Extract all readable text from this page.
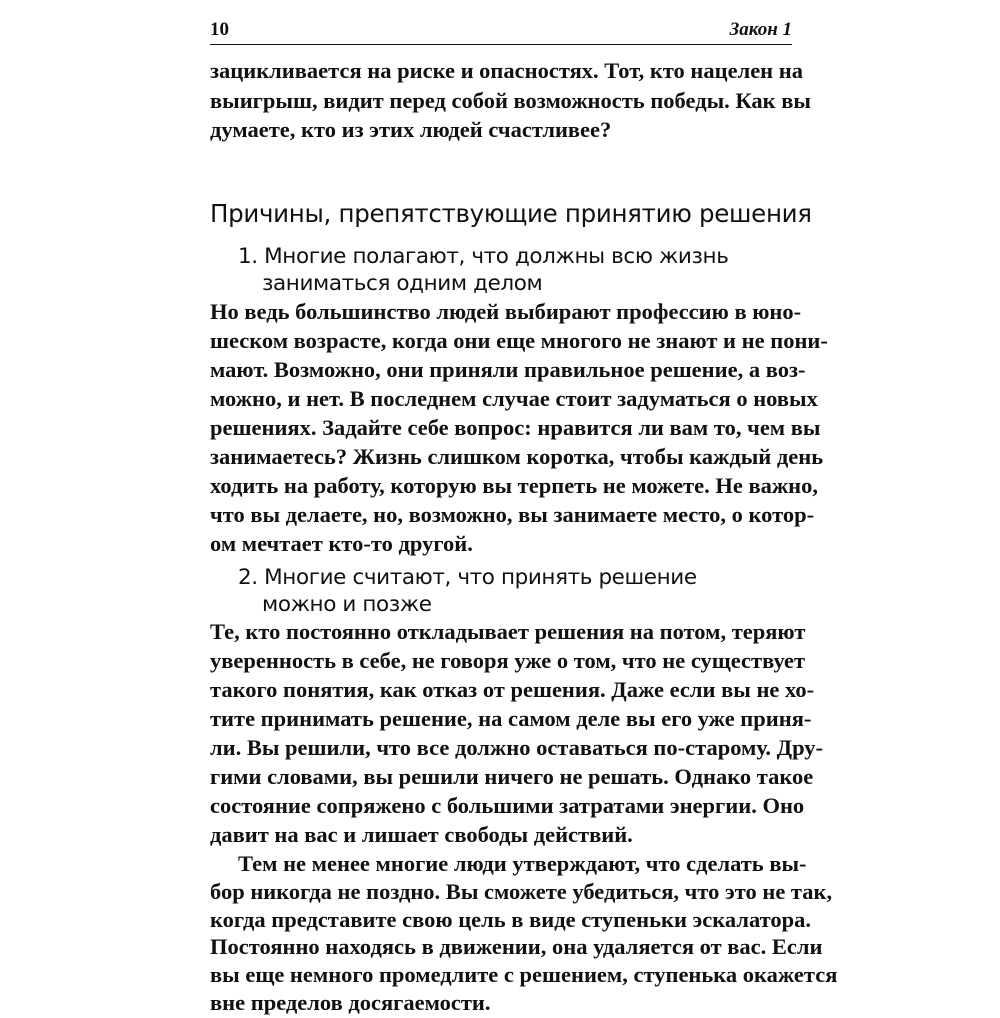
10	Закон 1
зацикливается на риске и опасностях. Тот, кто нацелен на
выигрыш, видит перед собой возможность победы. Как вы
думаете, кто из этих людей счастливее?
Причины, препятствующие принятию решения
1. Многие полагают, что должны всю жизнь
заниматься одним делом
Но ведь большинство людей выбирают профессию в юно-
шеском возрасте, когда они еще многого не знают и не пони-
мают. Возможно, они приняли правильное решение, а воз-
можно, и нет. В последнем случае стоит задуматься о новых
решениях. Задайте себе вопрос: нравится ли вам то, чем вы
занимаетесь? Жизнь слишком коротка, чтобы каждый день
ходить на работу, которую вы терпеть не можете. Не важно,
что вы делаете, но, возможно, вы занимаете место, о котор-
ом мечтает кто-то другой.
2. Многие считают, что принять решение
можно и позже
Те, кто постоянно откладывает решения на потом, теряют
уверенность в себе, не говоря уже о том, что не существует
такого понятия, как отказ от решения. Даже если вы не хо-
тите принимать решение, на самом деле вы его уже приня-
ли. Вы решили, что все должно оставаться по-старому. Дру-
гими словами, вы решили ничего не решать. Однако такое
состояние сопряжено с большими затратами энергии. Оно
давит на вас и лишает свободы действий.
Тем не менее многие люди утверждают, что сделать вы-
бор никогда не поздно. Вы сможете убедиться, что это не так,
когда представите свою цель в виде ступеньки эскалатора.
Постоянно находясь в движении, она удаляется от вас. Если
вы еще немного промедлите с решением, ступенька окажется
вне пределов досягаемости.
